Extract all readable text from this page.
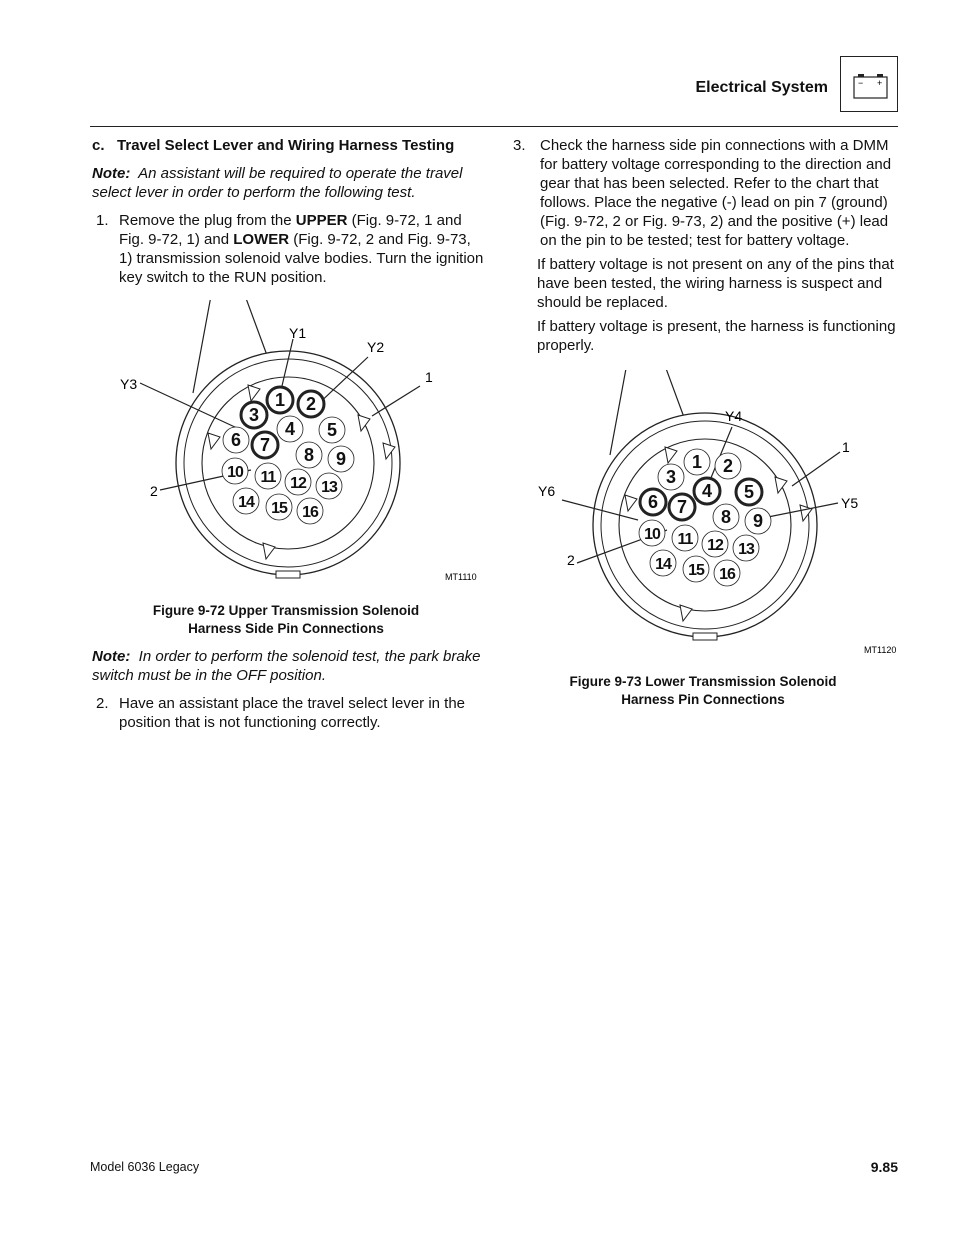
Electrical System	− +
c. Travel Select Lever and Wiring Harness Testing
Note: An assistant will be required to operate the travel select lever in order to perform the following test.
1. Remove the plug from the UPPER (Fig. 9-72, 1 and Fig. 9-72, 1) and LOWER (Fig. 9-72, 2 and Fig. 9-73, 1) transmission solenoid valve bodies. Turn the ignition key switch to the RUN position.
1 2
3
4 5
6 7 8 9
10 11 12 13
14 15 16
Y1
Y2
Y3	1
2
MT1110
Figure 9-72 Upper Transmission Solenoid
Harness Side Pin Connections
Note: In order to perform the solenoid test, the park brake switch must be in the OFF position.
2. Have an assistant place the travel select lever in the position that is not functioning correctly.
3. Check the harness side pin connections with a DMM for battery voltage corresponding to the direction and gear that has been selected. Refer to the chart that follows. Place the negative (-) lead on pin 7 (ground) (Fig. 9-72, 2 or Fig. 9-73, 2) and the positive (+) lead on the pin to be tested; test for battery voltage.
If battery voltage is not present on any of the pins that have been tested, the wiring harness is suspect and should be replaced.
If battery voltage is present, the harness is functioning properly.
1 2
3
4 5
6 7 8 9
10 11 12 13
14 15 16
Y4
1
Y5
Y6
2
MT1120
Figure 9-73 Lower Transmission Solenoid
Harness Pin Connections
Model 6036 Legacy	9.85
